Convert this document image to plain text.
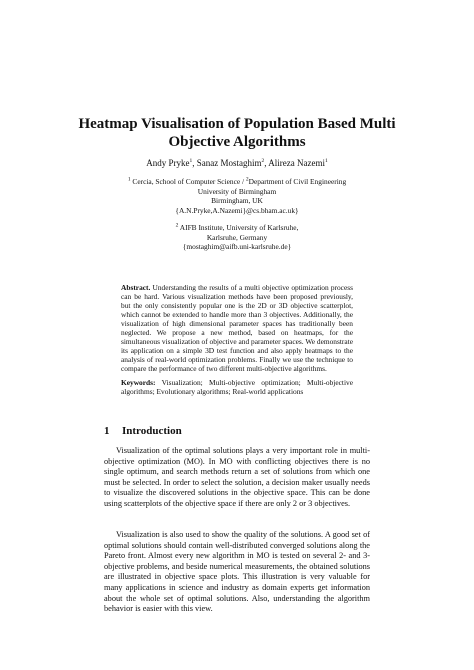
Heatmap Visualisation of Population Based Multi
Objective Algorithms
Andy Pryke$^1$, Sanaz Mostaghim$^2$, Alireza Nazemi$^1$
$^1$ Cercia, School of Computer Science / $^2$Department of Civil Engineering
University of Birmingham
Birmingham, UK
{A.N.Pryke,A.Nazemi}@cs.bham.ac.uk}
$^2$ AIFB Institute, University of Karlsruhe,
Karlsruhe, Germany
{mostaghim@aifb.uni-karlsruhe.de}
Abstract. Understanding the results of a multi objective optimization process can be hard. Various visualization methods have been proposed previously, but the only consistently popular one is the 2D or 3D objective scatterplot, which cannot be extended to handle more than 3 objectives. Additionally, the visualization of high dimensional parameter spaces has traditionally been neglected. We propose a new method, based on heatmaps, for the simultaneous visualization of objective and parameter spaces. We demonstrate its application on a simple 3D test function and also apply heatmaps to the analysis of real-world optimization problems. Finally we use the technique to compare the performance of two different multi-objective algorithms.
Keywords: Visualization; Multi-objective optimization; Multi-objective algorithms; Evolutionary algorithms; Real-world applications
1 Introduction
Visualization of the optimal solutions plays a very important role in multi-objective optimization (MO). In MO with conflicting objectives there is no single optimum, and search methods return a set of solutions from which one must be selected. In order to select the solution, a decision maker usually needs to visualize the discovered solutions in the objective space. This can be done using scatterplots of the objective space if there are only 2 or 3 objectives.
Visualization is also used to show the quality of the solutions. A good set of optimal solutions should contain well-distributed converged solutions along the Pareto front. Almost every new algorithm in MO is tested on several 2- and 3-objective problems, and beside numerical measurements, the obtained solutions are illustrated in objective space plots. This illustration is very valuable for many applications in science and industry as domain experts get information about the whole set of optimal solutions. Also, understanding the algorithm behavior is easier with this view.
